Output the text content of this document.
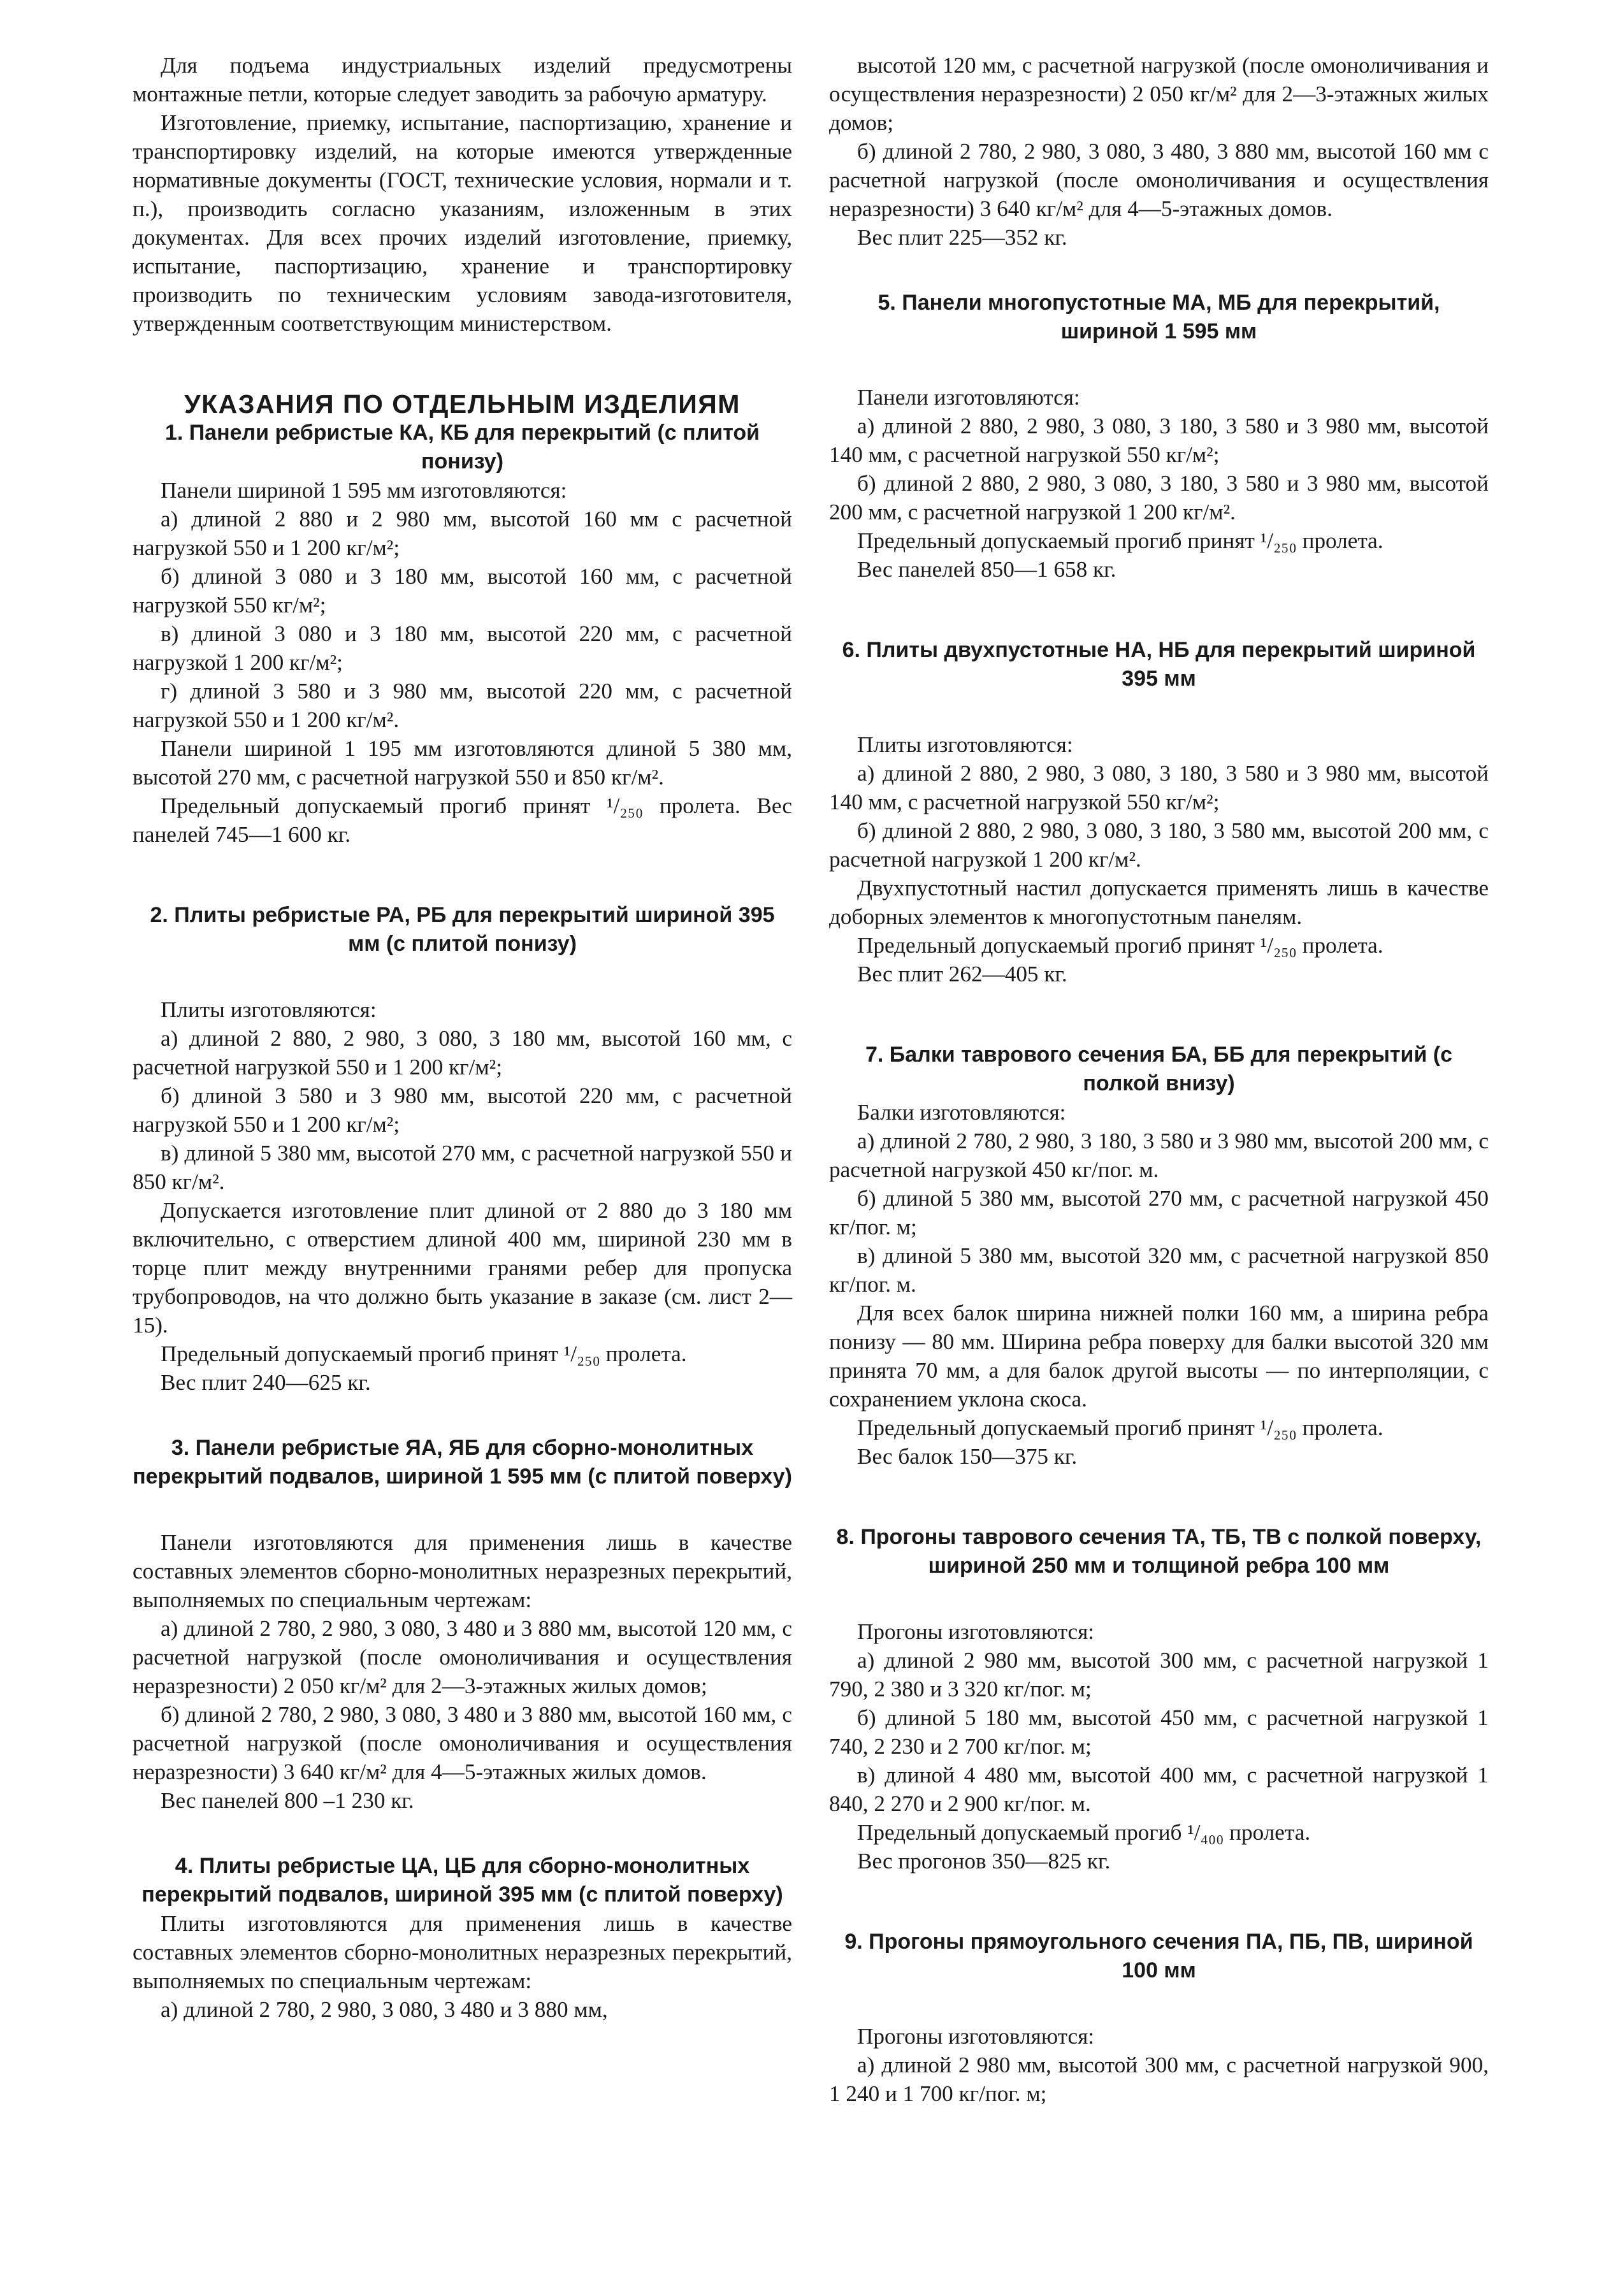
Для подъема индустриальных изделий предусмотрены монтажные петли, которые следует заводить за рабочую арматуру.

Изготовление, приемку, испытание, паспортизацию, хранение и транспортировку изделий, на которые имеются утвержденные нормативные документы (ГОСТ, технические условия, нормали и т. п.), производить согласно указаниям, изложенным в этих документах. Для всех прочих изделий изготовление, приемку, испытание, паспортизацию, хранение и транспортировку производить по техническим условиям завода-изготовителя, утвержденным соответствующим министерством.

УКАЗАНИЯ ПО ОТДЕЛЬНЫМ ИЗДЕЛИЯМ
1. Панели ребристые КА, КБ для перекрытий (с плитой понизу)

Панели шириной 1 595 мм изготовляются:

а) длиной 2 880 и 2 980 мм, высотой 160 мм с расчетной нагрузкой 550 и 1 200 кг/м²;

б) длиной 3 080 и 3 180 мм, высотой 160 мм, с расчетной нагрузкой 550 кг/м²;

в) длиной 3 080 и 3 180 мм, высотой 220 мм, с расчетной нагрузкой 1 200 кг/м²;

г) длиной 3 580 и 3 980 мм, высотой 220 мм, с расчетной нагрузкой 550 и 1 200 кг/м².

Панели шириной 1 195 мм изготовляются длиной 5 380 мм, высотой 270 мм, с расчетной нагрузкой 550 и 850 кг/м².

Предельный допускаемый прогиб принят ¹/₂₅₀ пролета. Вес панелей 745—1 600 кг.

2. Плиты ребристые РА, РБ для перекрытий шириной 395 мм (с плитой понизу)

Плиты изготовляются:

а) длиной 2 880, 2 980, 3 080, 3 180 мм, высотой 160 мм, с расчетной нагрузкой 550 и 1 200 кг/м²;

б) длиной 3 580 и 3 980 мм, высотой 220 мм, с расчетной нагрузкой 550 и 1 200 кг/м²;

в) длиной 5 380 мм, высотой 270 мм, с расчетной нагрузкой 550 и 850 кг/м².

Допускается изготовление плит длиной от 2 880 до 3 180 мм включительно, с отверстием длиной 400 мм, шириной 230 мм в торце плит между внутренними гранями ребер для пропуска трубопроводов, на что должно быть указание в заказе (см. лист 2—15).

Предельный допускаемый прогиб принят ¹/₂₅₀ пролета.

Вес плит 240—625 кг.

3. Панели ребристые ЯА, ЯБ для сборно-монолитных перекрытий подвалов, шириной 1 595 мм (с плитой поверху)

Панели изготовляются для применения лишь в качестве составных элементов сборно-монолитных неразрезных перекрытий, выполняемых по специальным чертежам:

а) длиной 2 780, 2 980, 3 080, 3 480 и 3 880 мм, высотой 120 мм, с расчетной нагрузкой (после омоноличивания и осуществления неразрезности) 2 050 кг/м² для 2—3-этажных жилых домов;

б) длиной 2 780, 2 980, 3 080, 3 480 и 3 880 мм, высотой 160 мм, с расчетной нагрузкой (после омоноличивания и осуществления неразрезности) 3 640 кг/м² для 4—5-этажных жилых домов.

Вес панелей 800 –1 230 кг.

4. Плиты ребристые ЦА, ЦБ для сборно-монолитных перекрытий подвалов, шириной 395 мм (с плитой поверху)

Плиты изготовляются для применения лишь в качестве составных элементов сборно-монолитных неразрезных перекрытий, выполняемых по специальным чертежам:

а) длиной 2 780, 2 980, 3 080, 3 480 и 3 880 мм,

высотой 120 мм, с расчетной нагрузкой (после омоноличивания и осуществления неразрезности) 2 050 кг/м² для 2—3-этажных жилых домов;

б) длиной 2 780, 2 980, 3 080, 3 480, 3 880 мм, высотой 160 мм с расчетной нагрузкой (после омоноличивания и осуществления неразрезности) 3 640 кг/м² для 4—5-этажных домов.

Вес плит 225—352 кг.

5. Панели многопустотные МА, МБ для перекрытий, шириной 1 595 мм

Панели изготовляются:

а) длиной 2 880, 2 980, 3 080, 3 180, 3 580 и 3 980 мм, высотой 140 мм, с расчетной нагрузкой 550 кг/м²;

б) длиной 2 880, 2 980, 3 080, 3 180, 3 580 и 3 980 мм, высотой 200 мм, с расчетной нагрузкой 1 200 кг/м².

Предельный допускаемый прогиб принят ¹/₂₅₀ пролета.

Вес панелей 850—1 658 кг.

6. Плиты двухпустотные НА, НБ для перекрытий шириной 395 мм

Плиты изготовляются:

а) длиной 2 880, 2 980, 3 080, 3 180, 3 580 и 3 980 мм, высотой 140 мм, с расчетной нагрузкой 550 кг/м²;

б) длиной 2 880, 2 980, 3 080, 3 180, 3 580 мм, высотой 200 мм, с расчетной нагрузкой 1 200 кг/м².

Двухпустотный настил допускается применять лишь в качестве доборных элементов к многопустотным панелям.

Предельный допускаемый прогиб принят ¹/₂₅₀ пролета.

Вес плит 262—405 кг.

7. Балки таврового сечения БА, ББ для перекрытий (с полкой внизу)

Балки изготовляются:

а) длиной 2 780, 2 980, 3 180, 3 580 и 3 980 мм, высотой 200 мм, с расчетной нагрузкой 450 кг/пог. м.

б) длиной 5 380 мм, высотой 270 мм, с расчетной нагрузкой 450 кг/пог. м;

в) длиной 5 380 мм, высотой 320 мм, с расчетной нагрузкой 850 кг/пог. м.

Для всех балок ширина нижней полки 160 мм, а ширина ребра понизу — 80 мм. Ширина ребра поверху для балки высотой 320 мм принята 70 мм, а для балок другой высоты — по интерполяции, с сохранением уклона скоса.

Предельный допускаемый прогиб принят ¹/₂₅₀ пролета.

Вес балок 150—375 кг.

8. Прогоны таврового сечения ТА, ТБ, ТВ с полкой поверху, шириной 250 мм и толщиной ребра 100 мм

Прогоны изготовляются:

а) длиной 2 980 мм, высотой 300 мм, с расчетной нагрузкой 1 790, 2 380 и 3 320 кг/пог. м;

б) длиной 5 180 мм, высотой 450 мм, с расчетной нагрузкой 1 740, 2 230 и 2 700 кг/пог. м;

в) длиной 4 480 мм, высотой 400 мм, с расчетной нагрузкой 1 840, 2 270 и 2 900 кг/пог. м.

Предельный допускаемый прогиб ¹/₄₀₀ пролета.

Вес прогонов 350—825 кг.

9. Прогоны прямоугольного сечения ПА, ПБ, ПВ, шириной 100 мм

Прогоны изготовляются:

а) длиной 2 980 мм, высотой 300 мм, с расчетной нагрузкой 900, 1 240 и 1 700 кг/пог. м;
